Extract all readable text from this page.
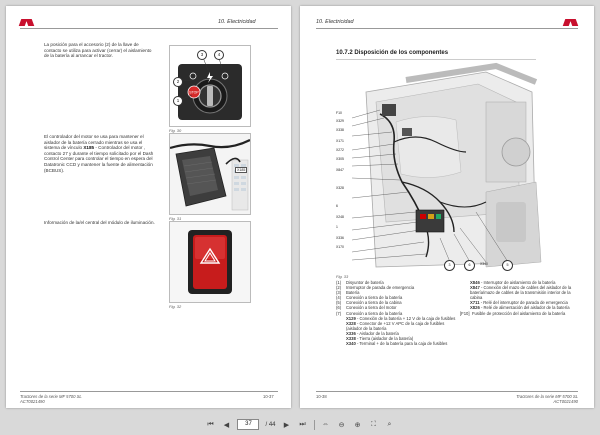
10. Electricidad
La posición para el accesorio (2) de la llave de contacto se utiliza para activar (cerrar) el aislamiento de la batería al arrancar el tractor.
STOP
3	4
2
1
Fig. 30
El controlador del motor se usa para mantener el aislador de la batería cerrado mientras se usa el sistema de vínculo X185 - Controlador del motor , contacto 27 y durante el tiempo solicitado por el Dash Control Center para controlar el tiempo en espera del Datatronic CCD y mantener la fuente de alimentación (BCBUS).	X185
Fig. 31
Información de la/el central del módulo de iluminación.
Fig. 32
Tractores de la serie MF 5700 SL
ACT0021490
10-37
10. Electricidad
10.7.2 Disposición de los componentes
F10
X329
X338
X171
X272
X305
X847
X328
6
X248
1
X336
X170
3	6	X340	5
Fig. 33
(1)	Disyuntor de batería
(2)	Interruptor de parada de emergencia
(3)	Batería
(4)	Conexión a tierra de la batería
(5)	Conexión a tierra de la cabina
(6)	Conexión a tierra del motor
(7)	Conexión a tierra de la batería
X129 - Conexión de la batería + 12 V de la caja de fusibles
X328 - Conector de +12 V APC de la caja de fusibles (aislador de la batería
X336 - Aislador de la batería
X338 - Tierra (aislador de la batería)
X340 - Terminal + de la batería para la caja de fusibles
X846 - Interruptor de aislamiento de la batería
X847 - Conexión del mazo de cables del aislador de la batería/mazo de cables de la transmisión interior de la cabina
X711 - Relé del interruptor de parada de emergencia
X826 - Relé de alimentación del aislador de la batería
[F10] Fusible de protección del aislamiento de la batería
10-38	Tractores de la serie MF 5700 SL
ACT0021490
⏮	◀	37	/ 44	▶	⏭ ⇔ ⊖ ⊕	⛶	⌕
